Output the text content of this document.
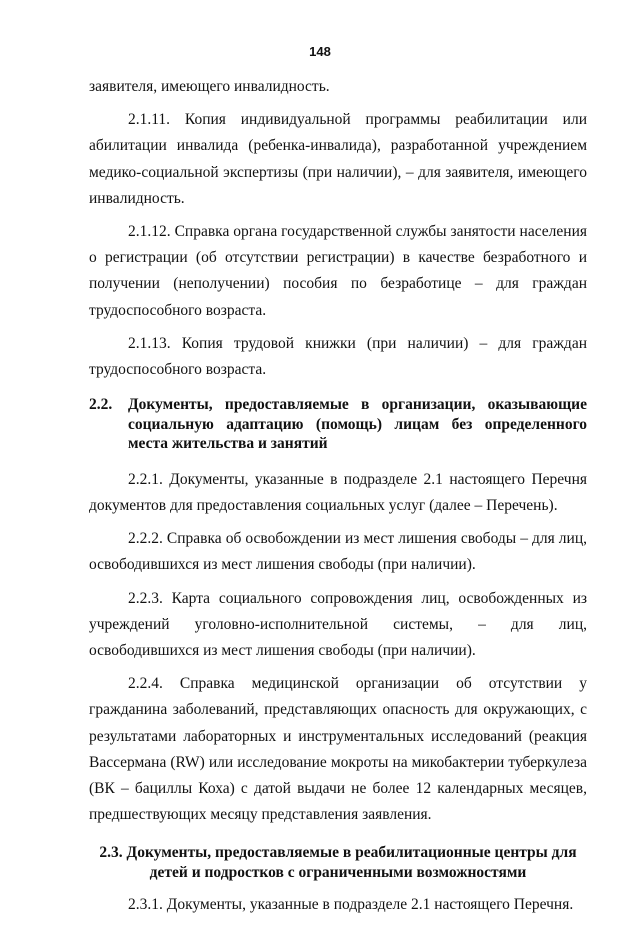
148

заявителя, имеющего инвалидность.

2.1.11. Копия индивидуальной программы реабилитации или абилитации инвалида (ребенка-инвалида), разработанной учреждением медико-социальной экспертизы (при наличии), – для заявителя, имеющего инвалидность.

2.1.12. Справка органа государственной службы занятости населения о регистрации (об отсутствии регистрации) в качестве безработного и получении (неполучении) пособия по безработице – для граждан трудоспособного возраста.

2.1.13. Копия трудовой книжки (при наличии) – для граждан трудоспособного возраста.

2.2.	Документы, предоставляемые в организации, оказывающие социальную адаптацию (помощь) лицам без определенного места жительства и занятий

2.2.1. Документы, указанные в подразделе 2.1 настоящего Перечня документов для предоставления социальных услуг (далее – Перечень).

2.2.2. Справка об освобождении из мест лишения свободы – для лиц, освободившихся из мест лишения свободы (при наличии).

2.2.3. Карта социального сопровождения лиц, освобожденных из учреждений уголовно-исполнительной системы, – для лиц, освободившихся из мест лишения свободы (при наличии).

2.2.4. Справка медицинской организации об отсутствии у гражданина заболеваний, представляющих опасность для окружающих, с результатами лабораторных и инструментальных исследований (реакция Вассермана (RW) или исследование мокроты на микобактерии туберкулеза (ВК – бациллы Коха) с датой выдачи не более 12 календарных месяцев, предшествующих месяцу представления заявления.

2.3. Документы, предоставляемые в реабилитационные центры для детей и подростков с ограниченными возможностями

2.3.1. Документы, указанные в подразделе 2.1 настоящего Перечня.
